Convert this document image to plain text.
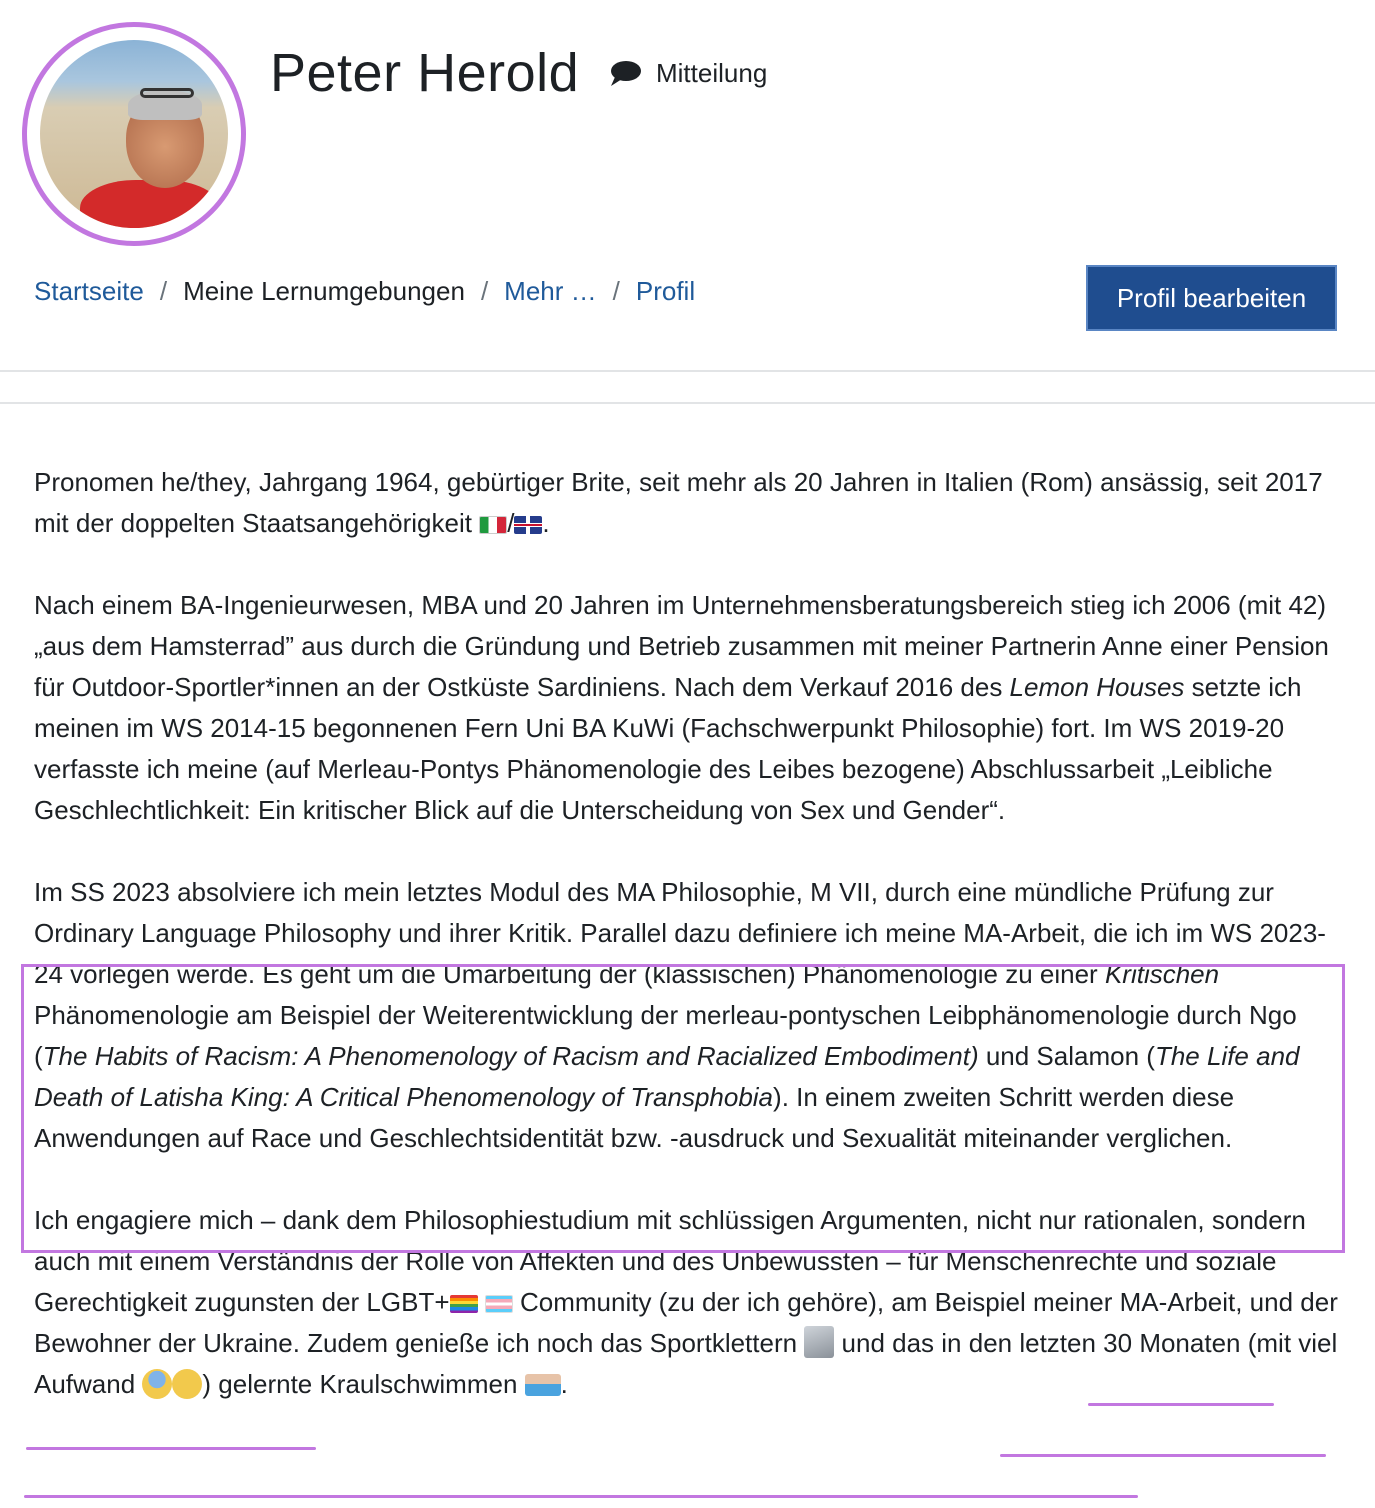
Peter Herold	Mitteilung
Startseite / Meine Lernumgebungen / Mehr … / Profil	Profil bearbeiten

Pronomen he/they, Jahrgang 1964, gebürtiger Brite, seit mehr als 20 Jahren in Italien (Rom) ansässig, seit 2017 mit der doppelten Staatsangehörigkeit / .

Nach einem BA-Ingenieurwesen, MBA und 20 Jahren im Unternehmensberatungsbereich stieg ich 2006 (mit 42) „aus dem Hamsterrad” aus durch die Gründung und Betrieb zusammen mit meiner Partnerin Anne einer Pension für Outdoor-Sportler*innen an der Ostküste Sardiniens. Nach dem Verkauf 2016 des Lemon Houses setzte ich meinen im WS 2014-15 begonnenen Fern Uni BA KuWi (Fachschwerpunkt Philosophie) fort. Im WS 2019-20 verfasste ich meine (auf Merleau-Pontys Phänomenologie des Leibes bezogene) Abschlussarbeit „Leibliche Geschlechtlichkeit: Ein kritischer Blick auf die Unterscheidung von Sex und Gender“.

Im SS 2023 absolviere ich mein letztes Modul des MA Philosophie, M VII, durch eine mündliche Prüfung zur Ordinary Language Philosophy und ihrer Kritik. Parallel dazu definiere ich meine MA-Arbeit, die ich im WS 2023-24 vorlegen werde. Es geht um die Umarbeitung der (klassischen) Phänomenologie zu einer Kritischen Phänomenologie am Beispiel der Weiterentwicklung der merleau-pontyschen Leibphänomenologie durch Ngo (The Habits of Racism: A Phenomenology of Racism and Racialized Embodiment) und Salamon (The Life and Death of Latisha King: A Critical Phenomenology of Transphobia). In einem zweiten Schritt werden diese Anwendungen auf Race und Geschlechtsidentität bzw. -ausdruck und Sexualität miteinander verglichen.

Ich engagiere mich – dank dem Philosophiestudium mit schlüssigen Argumenten, nicht nur rationalen, sondern auch mit einem Verständnis der Rolle von Affekten und des Unbewussten – für Menschenrechte und soziale Gerechtigkeit zugunsten der LGBT+  Community (zu der ich gehöre), am Beispiel meiner MA-Arbeit, und der Bewohner der Ukraine. Zudem genieße ich noch das Sportklettern  und das in den letzten 30 Monaten (mit viel Aufwand ) gelernte Kraulschwimmen .
